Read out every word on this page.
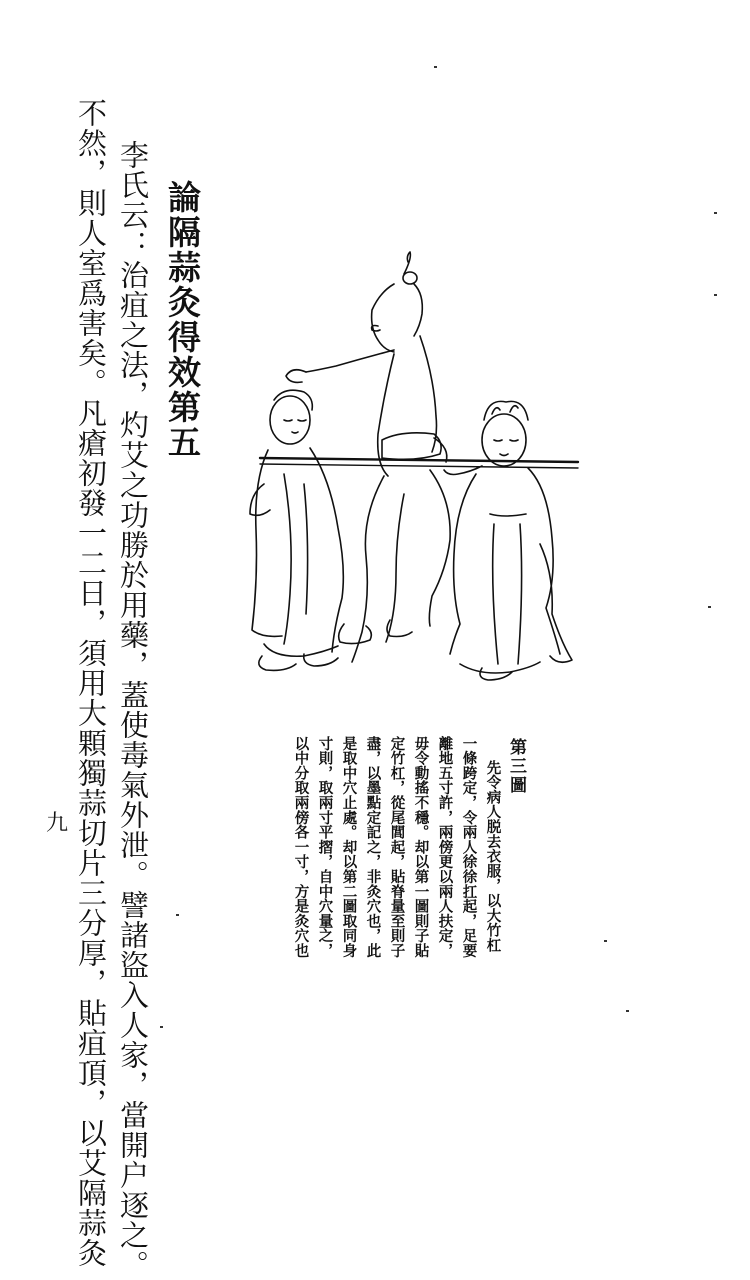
李氏云：治疽之法，灼艾之功勝於用藥，蓋使毒氣外泄。譬諸盜入人家，當開户逐之。
不然，則人室爲害矣。凡瘡初發一二日，須用大顆獨蒜切片三分厚，貼疽頂，以艾隔蒜灸 論隔蒜灸得效第五
第三圖
先令病人脱去衣服，以大竹杠
一條跨定，令兩人徐徐扛起，足要
離地五寸許，兩傍更以兩人扶定，
毋令動搖不穩。却以第一圖則子貼
定竹杠，從尾閭起，貼脊量至則子
盡，以墨點定記之，非灸穴也，此
是取中穴止處。却以第二圖取同身
寸則，取兩寸平摺，自中穴量之，
以中分取兩傍各一寸，方是灸穴也
九
